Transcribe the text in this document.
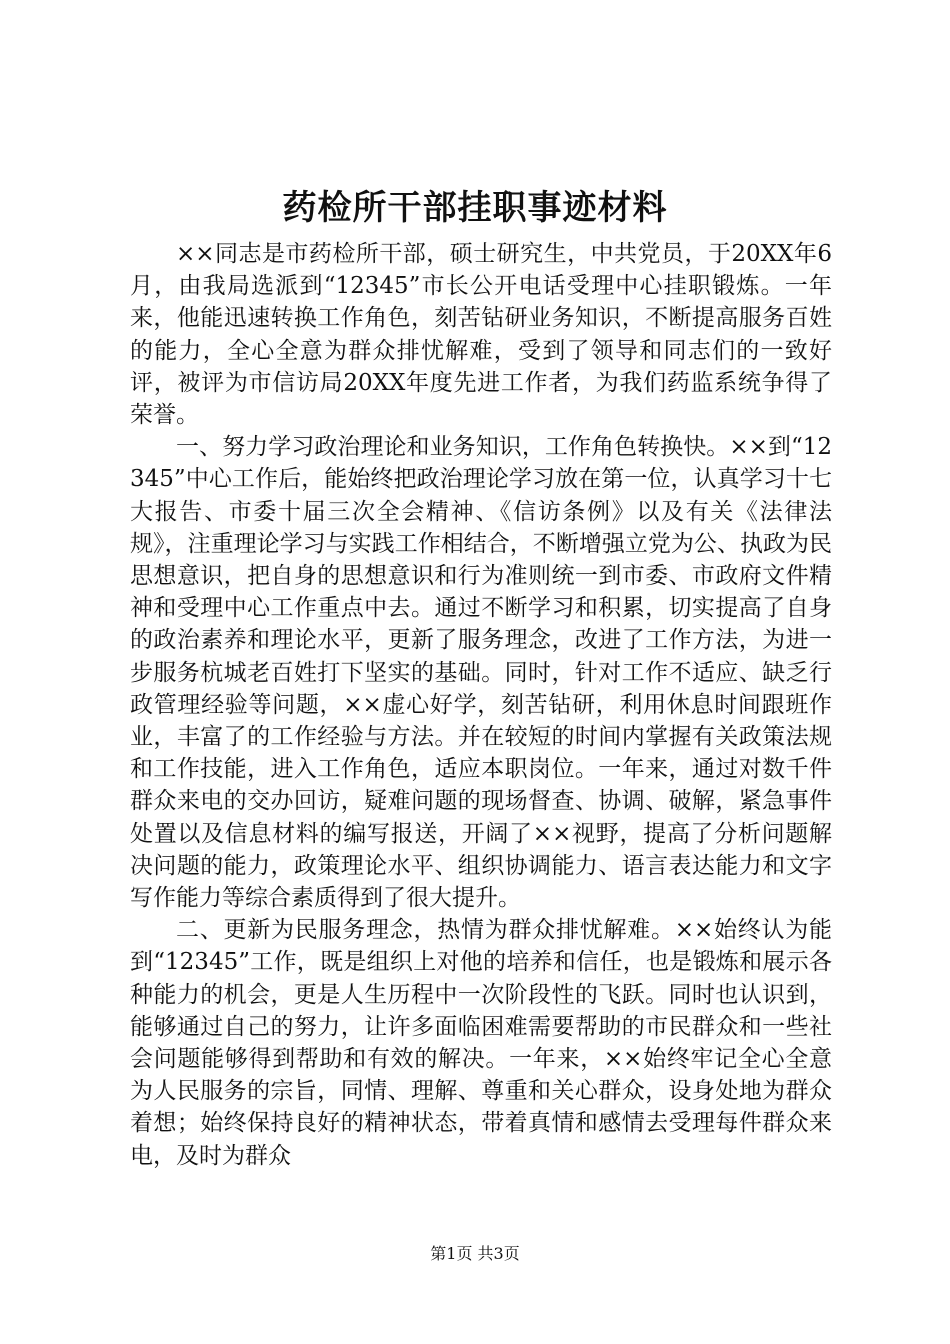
药检所干部挂职事迹材料

××同志是市药检所干部，硕士研究生，中共党员，于20XX年6月，由我局选派到“12345”市长公开电话受理中心挂职锻炼。一年来，他能迅速转换工作角色，刻苦钻研业务知识，不断提高服务百姓的能力，全心全意为群众排忧解难，受到了领导和同志们的一致好评，被评为市信访局20XX年度先进工作者，为我们药监系统争得了荣誉。

一、努力学习政治理论和业务知识，工作角色转换快。××到“12345”中心工作后，能始终把政治理论学习放在第一位，认真学习十七大报告、市委十届三次全会精神、《信访条例》以及有关《法律法规》，注重理论学习与实践工作相结合，不断增强立党为公、执政为民思想意识，把自身的思想意识和行为准则统一到市委、市政府文件精神和受理中心工作重点中去。通过不断学习和积累，切实提高了自身的政治素养和理论水平，更新了服务理念，改进了工作方法，为进一步服务杭城老百姓打下坚实的基础。同时，针对工作不适应、缺乏行政管理经验等问题，××虚心好学，刻苦钻研，利用休息时间跟班作业，丰富了的工作经验与方法。并在较短的时间内掌握有关政策法规和工作技能，进入工作角色，适应本职岗位。一年来，通过对数千件群众来电的交办回访，疑难问题的现场督查、协调、破解，紧急事件处置以及信息材料的编写报送，开阔了××视野，提高了分析问题解决问题的能力，政策理论水平、组织协调能力、语言表达能力和文字写作能力等综合素质得到了很大提升。

二、更新为民服务理念，热情为群众排忧解难。××始终认为能到“12345”工作，既是组织上对他的培养和信任，也是锻炼和展示各种能力的机会，更是人生历程中一次阶段性的飞跃。同时也认识到，能够通过自己的努力，让许多面临困难需要帮助的市民群众和一些社会问题能够得到帮助和有效的解决。一年来，××始终牢记全心全意为人民服务的宗旨，同情、理解、尊重和关心群众，设身处地为群众着想；始终保持良好的精神状态，带着真情和感情去受理每件群众来电，及时为群众

第1页 共3页
